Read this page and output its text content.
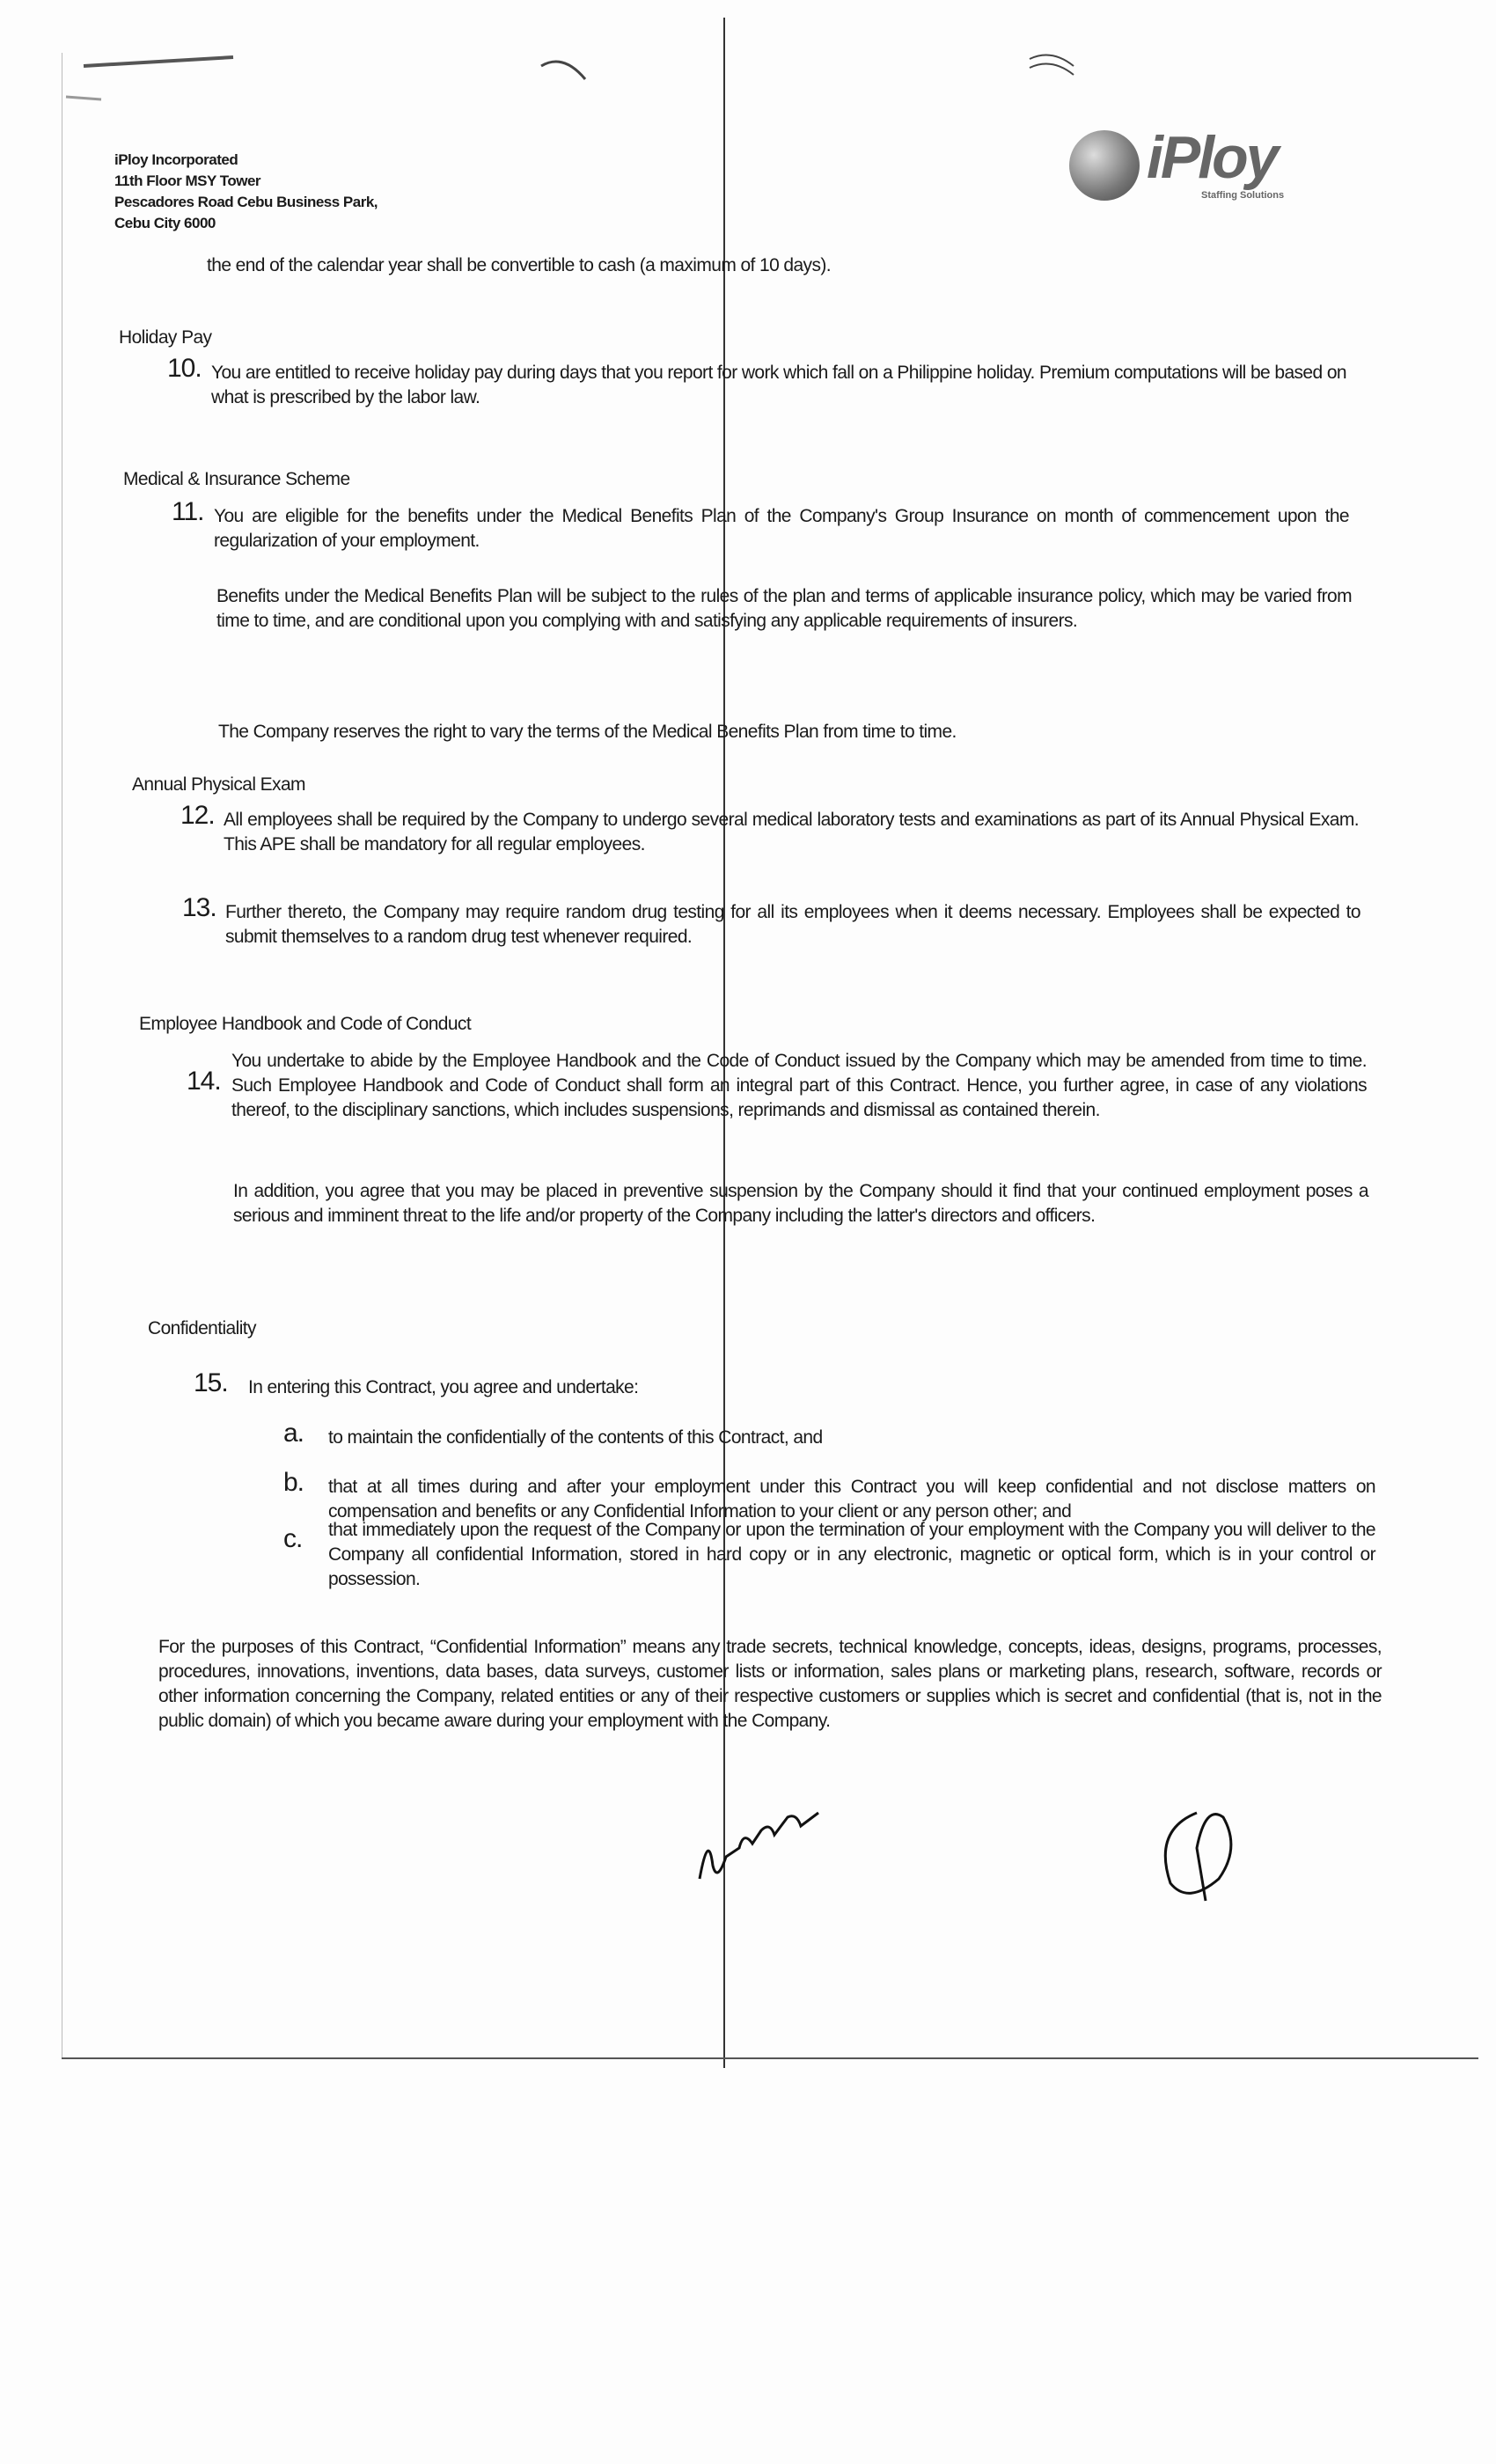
iPloy Incorporated
11th Floor MSY Tower
Pescadores Road Cebu Business Park,
Cebu City 6000
iPloy
Staffing Solutions
the end of the calendar year shall be convertible to cash (a maximum of 10 days).
Holiday Pay
10. You are entitled to receive holiday pay during days that you report for work which fall on a Philippine holiday. Premium computations will be based on what is prescribed by the labor law.
Medical & Insurance Scheme
11. You are eligible for the benefits under the Medical Benefits Plan of the Company's Group Insurance on month of commencement upon the regularization of your employment.
Benefits under the Medical Benefits Plan will be subject to the rules of the plan and terms of applicable insurance policy, which may be varied from time to time, and are conditional upon you complying with and satisfying any applicable requirements of insurers.
The Company reserves the right to vary the terms of the Medical Benefits Plan from time to time.
Annual Physical Exam
12. All employees shall be required by the Company to undergo several medical laboratory tests and examinations as part of its Annual Physical Exam. This APE shall be mandatory for all regular employees.
13. Further thereto, the Company may require random drug testing for all its employees when it deems necessary. Employees shall be expected to submit themselves to a random drug test whenever required.
Employee Handbook and Code of Conduct
14.
You undertake to abide by the Employee Handbook and the Code of Conduct issued by the Company which may be amended from time to time. Such Employee Handbook and Code of Conduct shall form an integral part of this Contract. Hence, you further agree, in case of any violations thereof, to the disciplinary sanctions, which includes suspensions, reprimands and dismissal as contained therein.
In addition, you agree that you may be placed in preventive suspension by the Company should it find that your continued employment poses a serious and imminent threat to the life and/or property of the Company including the latter's directors and officers.
Confidentiality
15. In entering this Contract, you agree and undertake:
a. to maintain the confidentially of the contents of this Contract, and
b. that at all times during and after your employment under this Contract you will keep confidential and not disclose matters on compensation and benefits or any Confidential Information to your client or any person other; and
c. that immediately upon the request of the Company or upon the termination of your employment with the Company you will deliver to the Company all confidential Information, stored in hard copy or in any electronic, magnetic or optical form, which is in your control or possession.
For the purposes of this Contract, “Confidential Information” means any trade secrets, technical knowledge, concepts, ideas, designs, programs, processes, procedures, innovations, inventions, data bases, data surveys, customer lists or information, sales plans or marketing plans, research, software, records or other information concerning the Company, related entities or any of their respective customers or supplies which is secret and confidential (that is, not in the public domain) of which you became aware during your employment with the Company.
